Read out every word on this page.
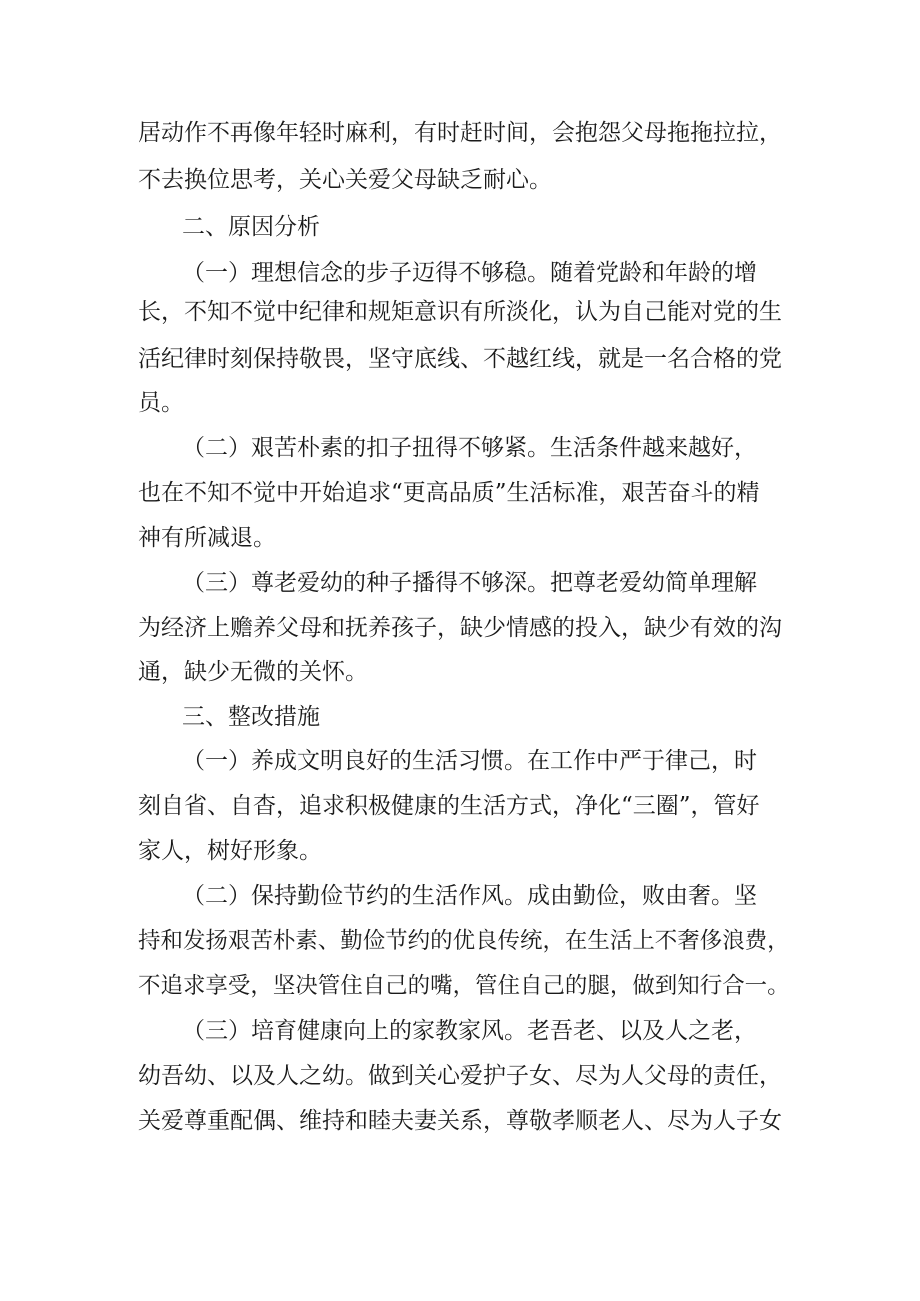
居动作不再像年轻时麻利，有时赶时间，会抱怨父母拖拖拉拉，
不去换位思考，关心关爱父母缺乏耐心。
二、原因分析
（一）理想信念的步子迈得不够稳。随着党龄和年龄的增
长，不知不觉中纪律和规矩意识有所淡化，认为自己能对党的生
活纪律时刻保持敬畏，坚守底线、不越红线，就是一名合格的党
员。
（二）艰苦朴素的扣子扭得不够紧。生活条件越来越好，
也在不知不觉中开始追求“更高品质”生活标准，艰苦奋斗的精
神有所减退。
（三）尊老爱幼的种子播得不够深。把尊老爱幼简单理解
为经济上赡养父母和抚养孩子，缺少情感的投入，缺少有效的沟
通，缺少无微的关怀。
三、整改措施
（一）养成文明良好的生活习惯。在工作中严于律己，时
刻自省、自杳，追求积极健康的生活方式，净化“三圈”，管好
家人，树好形象。
（二）保持勤俭节约的生活作风。成由勤俭，败由奢。坚
持和发扬艰苦朴素、勤俭节约的优良传统，在生活上不奢侈浪费，
不追求享受，坚决管住自己的嘴，管住自己的腿，做到知行合一。
（三）培育健康向上的家教家风。老吾老、以及人之老，
幼吾幼、以及人之幼。做到关心爱护子女、尽为人父母的责任，
关爱尊重配偶、维持和睦夫妻关系，尊敬孝顺老人、尽为人子女
